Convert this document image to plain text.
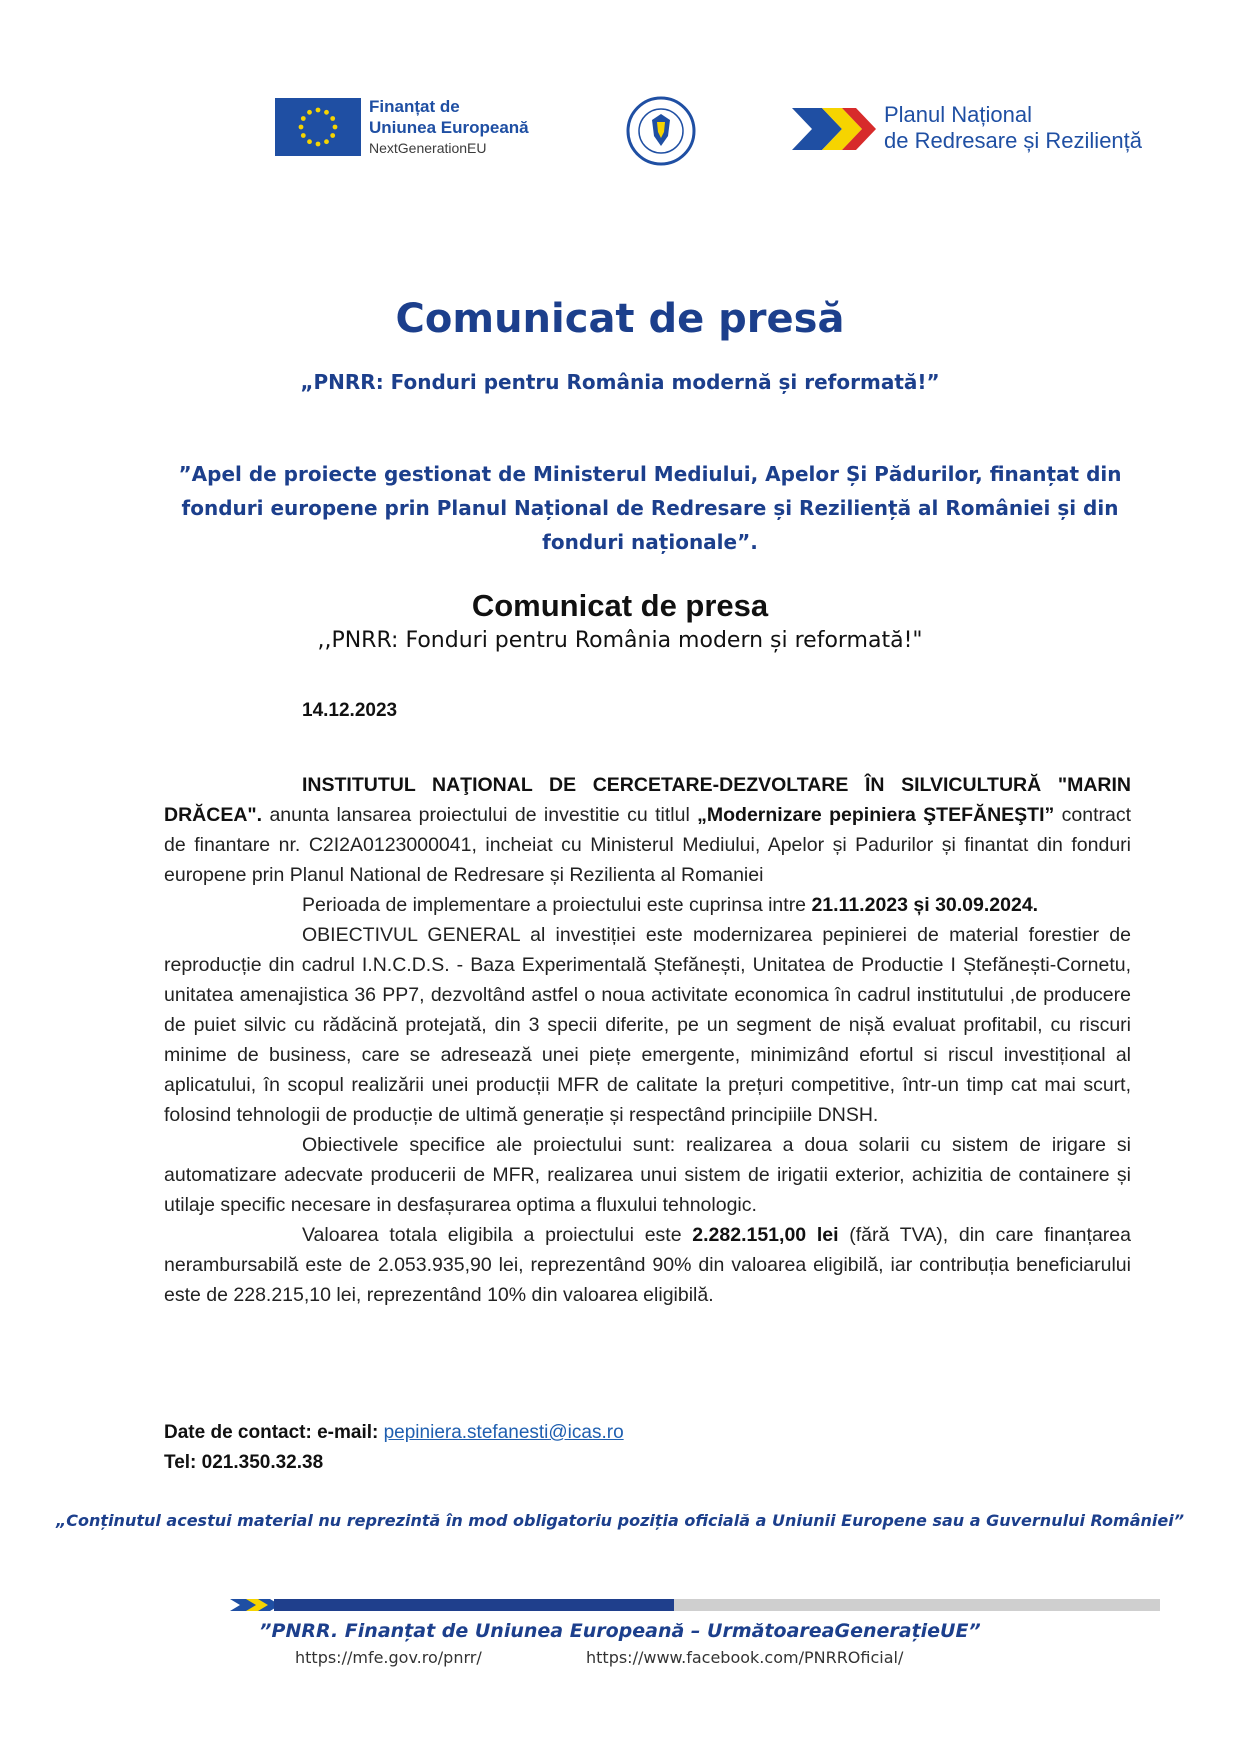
Finanțat de
Uniunea Europeană
NextGenerationEU
Planul Național
de Redresare și Reziliență
Comunicat de presă
„PNRR: Fonduri pentru România modernă și reformată!”
”Apel de proiecte gestionat de Ministerul Mediului, Apelor Și Pădurilor, finanțat din fonduri europene prin Planul Național de Redresare și Reziliență al României și din fonduri naționale”.
Comunicat de presa
,,PNRR: Fonduri pentru România modern și reformată!"
14.12.2023

INSTITUTUL NAŢIONAL DE CERCETARE-DEZVOLTARE ÎN SILVICULTURĂ "MARIN DRĂCEA". anunta lansarea proiectului de investitie cu titlul „Modernizare pepiniera ŞTEFĂNEŞTI” contract de finantare nr. C2I2A0123000041, incheiat cu Ministerul Mediului, Apelor și Padurilor și finantat din fonduri europene prin Planul National de Redresare și Rezilienta al Romaniei

Perioada de implementare a proiectului este cuprinsa intre 21.11.2023 și 30.09.2024.

OBIECTIVUL GENERAL al investiției este modernizarea pepinierei de material forestier de reproducție din cadrul I.N.C.D.S. - Baza Experimentală Ștefănești, Unitatea de Productie I Ștefănești-Cornetu, unitatea amenajistica 36 PP7, dezvoltând astfel o noua activitate economica în cadrul institutului ,de producere de puiet silvic cu rădăcină protejată, din 3 specii diferite, pe un segment de nișă evaluat profitabil, cu riscuri minime de business, care se adresează unei piețe emergente, minimizând efortul si riscul investițional al aplicatului, în scopul realizării unei producții MFR de calitate la prețuri competitive, într-un timp cat mai scurt, folosind tehnologii de producție de ultimă generație și respectând principiile DNSH.

Obiectivele specifice ale proiectului sunt: realizarea a doua solarii cu sistem de irigare si automatizare adecvate producerii de MFR, realizarea unui sistem de irigatii exterior, achizitia de containere și utilaje specific necesare in desfașurarea optima a fluxului tehnologic.

Valoarea totala eligibila a proiectului este 2.282.151,00 lei (fără TVA), din care finanțarea nerambursabilă este de 2.053.935,90 lei, reprezentând 90% din valoarea eligibilă, iar contribuția beneficiarului este de 228.215,10 lei, reprezentând 10% din valoarea eligibilă.

Date de contact: e-mail: pepiniera.stefanesti@icas.ro
Tel: 021.350.32.38
„Conținutul acestui material nu reprezintă în mod obligatoriu poziția oficială a Uniunii Europene sau a Guvernului României”
”PNRR. Finanțat de Uniunea Europeană – UrmătoareaGenerațieUE”
https://mfe.gov.ro/pnrr/	https://www.facebook.com/PNRROficial/
